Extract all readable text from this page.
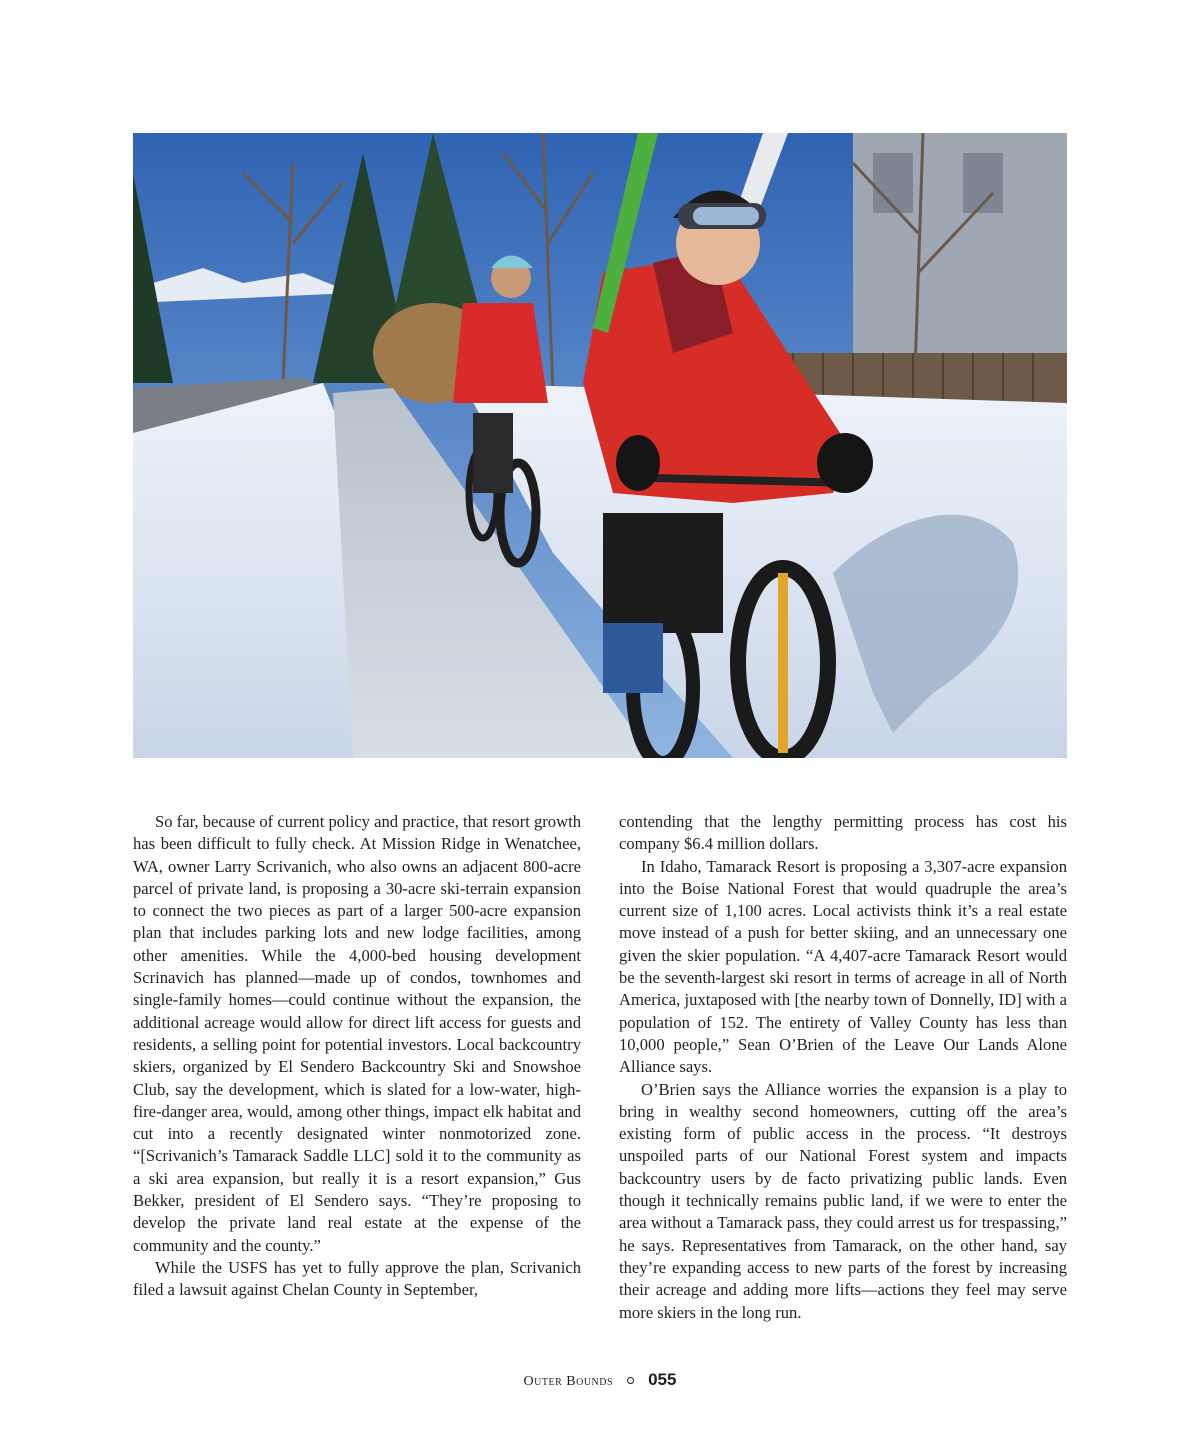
So far, because of current policy and practice, that resort growth has been difficult to fully check. At Mission Ridge in Wenatchee, WA, owner Larry Scrivanich, who also owns an adjacent 800-acre parcel of private land, is proposing a 30-acre ski-terrain expansion to connect the two pieces as part of a larger 500-acre expansion plan that includes parking lots and new lodge facilities, among other amenities. While the 4,000-bed housing development Scrinavich has planned—made up of condos, townhomes and single-family homes—could continue without the expansion, the additional acreage would allow for direct lift access for guests and residents, a selling point for potential investors. Local backcountry skiers, organized by El Sendero Backcountry Ski and Snowshoe Club, say the development, which is slated for a low-water, high-fire-danger area, would, among other things, impact elk habitat and cut into a recently designated winter nonmotorized zone. “[Scrivanich’s Tamarack Saddle LLC] sold it to the community as a ski area expansion, but really it is a resort expansion,” Gus Bekker, president of El Sendero says. “They’re proposing to develop the private land real estate at the expense of the community and the county.”

While the USFS has yet to fully approve the plan, Scrivanich filed a lawsuit against Chelan County in September,

contending that the lengthy permitting process has cost his company $6.4 million dollars.

In Idaho, Tamarack Resort is proposing a 3,307-acre expansion into the Boise National Forest that would quadruple the area’s current size of 1,100 acres. Local activists think it’s a real estate move instead of a push for better skiing, and an unnecessary one given the skier population. “A 4,407-acre Tamarack Resort would be the seventh-largest ski resort in terms of acreage in all of North America, juxtaposed with [the nearby town of Donnelly, ID] with a population of 152. The entirety of Valley County has less than 10,000 people,” Sean O’Brien of the Leave Our Lands Alone Alliance says.

O’Brien says the Alliance worries the expansion is a play to bring in wealthy second homeowners, cutting off the area’s existing form of public access in the process. “It destroys unspoiled parts of our National Forest system and impacts backcountry users by de facto privatizing public lands. Even though it technically remains public land, if we were to enter the area without a Tamarack pass, they could arrest us for trespassing,” he says. Representatives from Tamarack, on the other hand, say they’re expanding access to new parts of the forest by increasing their acreage and adding more lifts—actions they feel may serve more skiers in the long run.

Outer Bounds 055
